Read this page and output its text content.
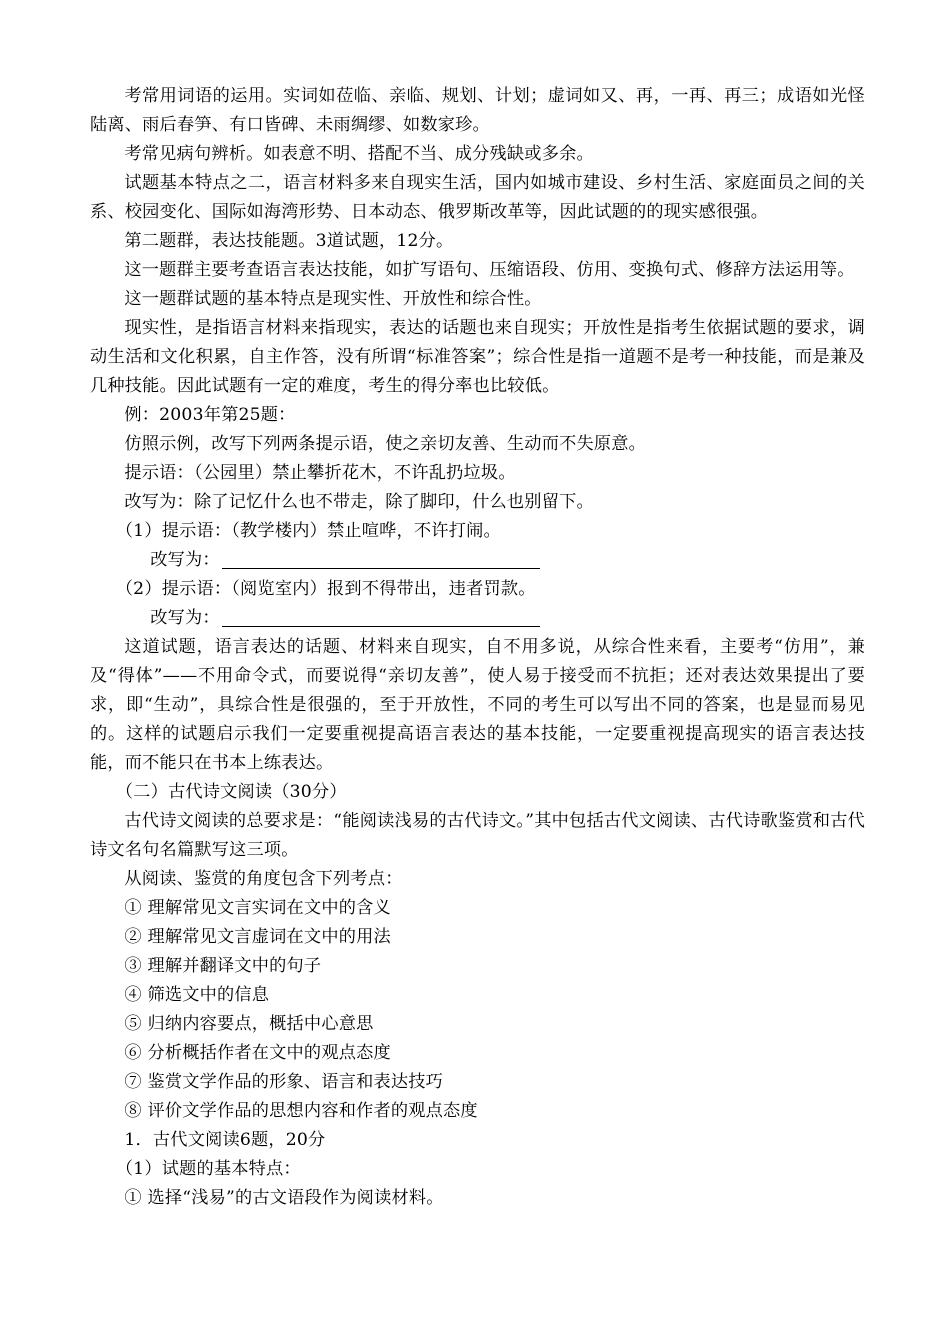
考常用词语的运用。实词如莅临、亲临、规划、计划；虚词如又、再，一再、再三；成语如光怪陆离、雨后春笋、有口皆碑、未雨绸缪、如数家珍。

考常见病句辨析。如表意不明、搭配不当、成分残缺或多余。

试题基本特点之二，语言材料多来自现实生活，国内如城市建设、乡村生活、家庭面员之间的关系、校园变化、国际如海湾形势、日本动态、俄罗斯改革等，因此试题的的现实感很强。

第二题群，表达技能题。3道试题，12分。

这一题群主要考查语言表达技能，如扩写语句、压缩语段、仿用、变换句式、修辞方法运用等。

这一题群试题的基本特点是现实性、开放性和综合性。

现实性，是指语言材料来指现实，表达的话题也来自现实；开放性是指考生依据试题的要求，调动生活和文化积累，自主作答，没有所谓“标准答案”；综合性是指一道题不是考一种技能，而是兼及几种技能。因此试题有一定的难度，考生的得分率也比较低。

例：2003年第25题：

仿照示例，改写下列两条提示语，使之亲切友善、生动而不失原意。

提示语：（公园里）禁止攀折花木，不许乱扔垃圾。

改写为：除了记忆什么也不带走，除了脚印，什么也别留下。

（1）提示语：（教学楼内）禁止喧哗，不许打闹。

改写为：

（2）提示语：（阅览室内）报到不得带出，违者罚款。

改写为：

这道试题，语言表达的话题、材料来自现实，自不用多说，从综合性来看，主要考“仿用”，兼及“得体”——不用命令式，而要说得“亲切友善”，使人易于接受而不抗拒；还对表达效果提出了要求，即“生动”，具综合性是很强的，至于开放性，不同的考生可以写出不同的答案，也是显而易见的。这样的试题启示我们一定要重视提高语言表达的基本技能，一定要重视提高现实的语言表达技能，而不能只在书本上练表达。

（二）古代诗文阅读（30分）

古代诗文阅读的总要求是：“能阅读浅易的古代诗文。”其中包括古代文阅读、古代诗歌鉴赏和古代诗文名句名篇默写这三项。

从阅读、鉴赏的角度包含下列考点：

① 理解常见文言实词在文中的含义

② 理解常见文言虚词在文中的用法

③ 理解并翻译文中的句子

④ 筛选文中的信息

⑤ 归纳内容要点，概括中心意思

⑥ 分析概括作者在文中的观点态度

⑦ 鉴赏文学作品的形象、语言和表达技巧

⑧ 评价文学作品的思想内容和作者的观点态度

1．古代文阅读6题，20分

（1）试题的基本特点：

① 选择“浅易”的古文语段作为阅读材料。
